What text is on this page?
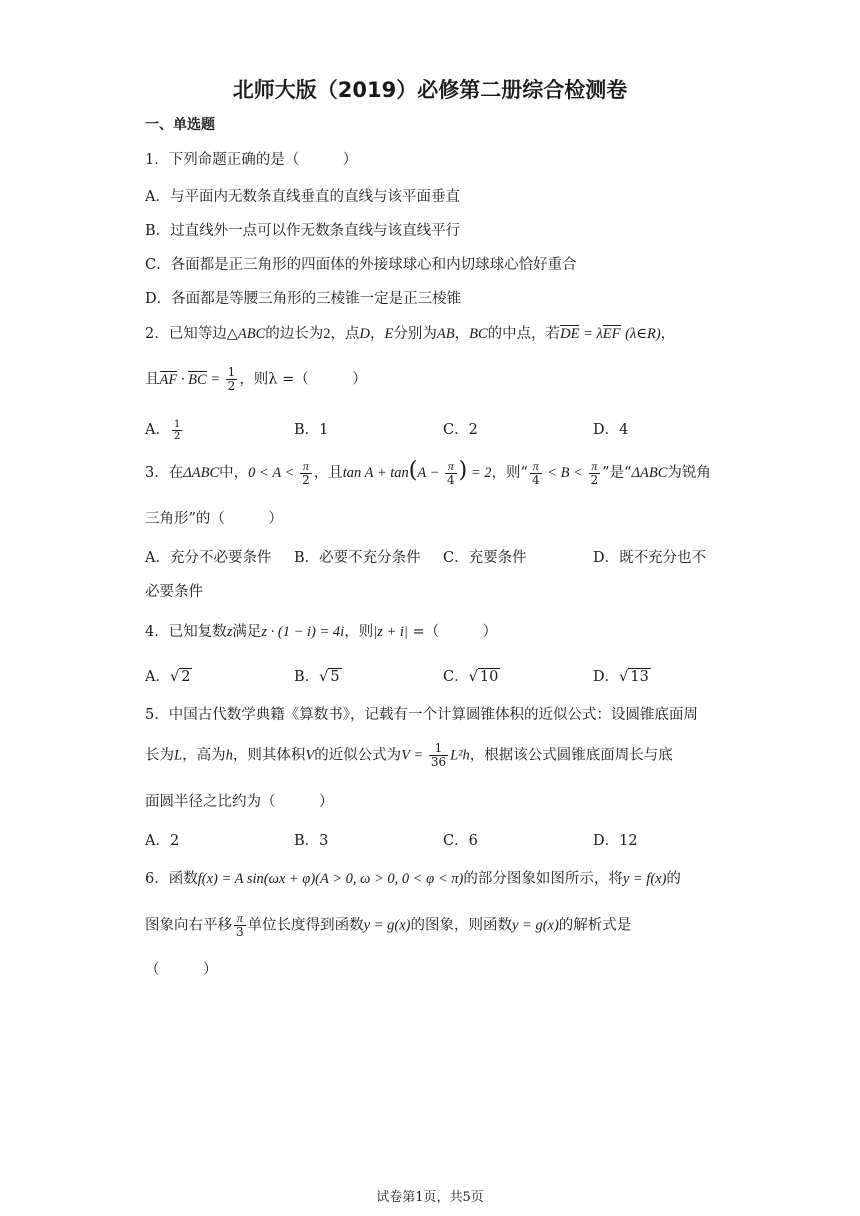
北师大版（2019）必修第二册综合检测卷
一、单选题
1．下列命题正确的是（　　　）
A．与平面内无数条直线垂直的直线与该平面垂直
B．过直线外一点可以作无数条直线与该直线平行
C．各面都是正三角形的四面体的外接球球心和内切球球心恰好重合
D．各面都是等腰三角形的三棱锥一定是正三棱锥
2．已知等边△ABC的边长为2，点D，E分别为AB，BC的中点，若DE = λEF (λ∈R)，
且AF · BC = $\frac{1}{2}$ ，则λ =（　　　）
A． $\frac{1}{2}$	B．1	C．2	D．4
3．在ΔABC中，$0 < A < \frac{\pi}{2}$ ，且$\tan A + \tan(A - \frac{\pi}{4}$ ) = 2，则“ $\frac{\pi}{4} < B < \frac{\pi}{2}$ ”是“ΔABC为锐角
三角形”的（　　　）
A．充分不必要条件 B．必要不充分条件 C．充要条件	D．既不充分也不
必要条件
4．已知复数z满足z · (1 − i) = 4i，则|z + i| =（　　　）
A．√ 2	B．√ 5	C．√ 10	D．√ 13
5．中国古代数学典籍《算数书》，记载有一个计算圆锥体积的近似公式：设圆锥底面周
长为L，高为h，则其体积V的近似公式为$V = \frac{1}{36} L^2h$，根据该公式圆锥底面周长与底
面圆半径之比约为（　　　）
A．2	B．3	C．6	D．12
6．函数f(x) = A sin(ωx + φ)(A > 0, ω > 0, 0 < φ < π)的部分图象如图所示，将y = f(x)的
图象向右平移 $\frac{\pi}{3}$ 单位长度得到函数y = g(x)的图象，则函数y = g(x)的解析式是
（　　　）
试卷第1页，共5页
